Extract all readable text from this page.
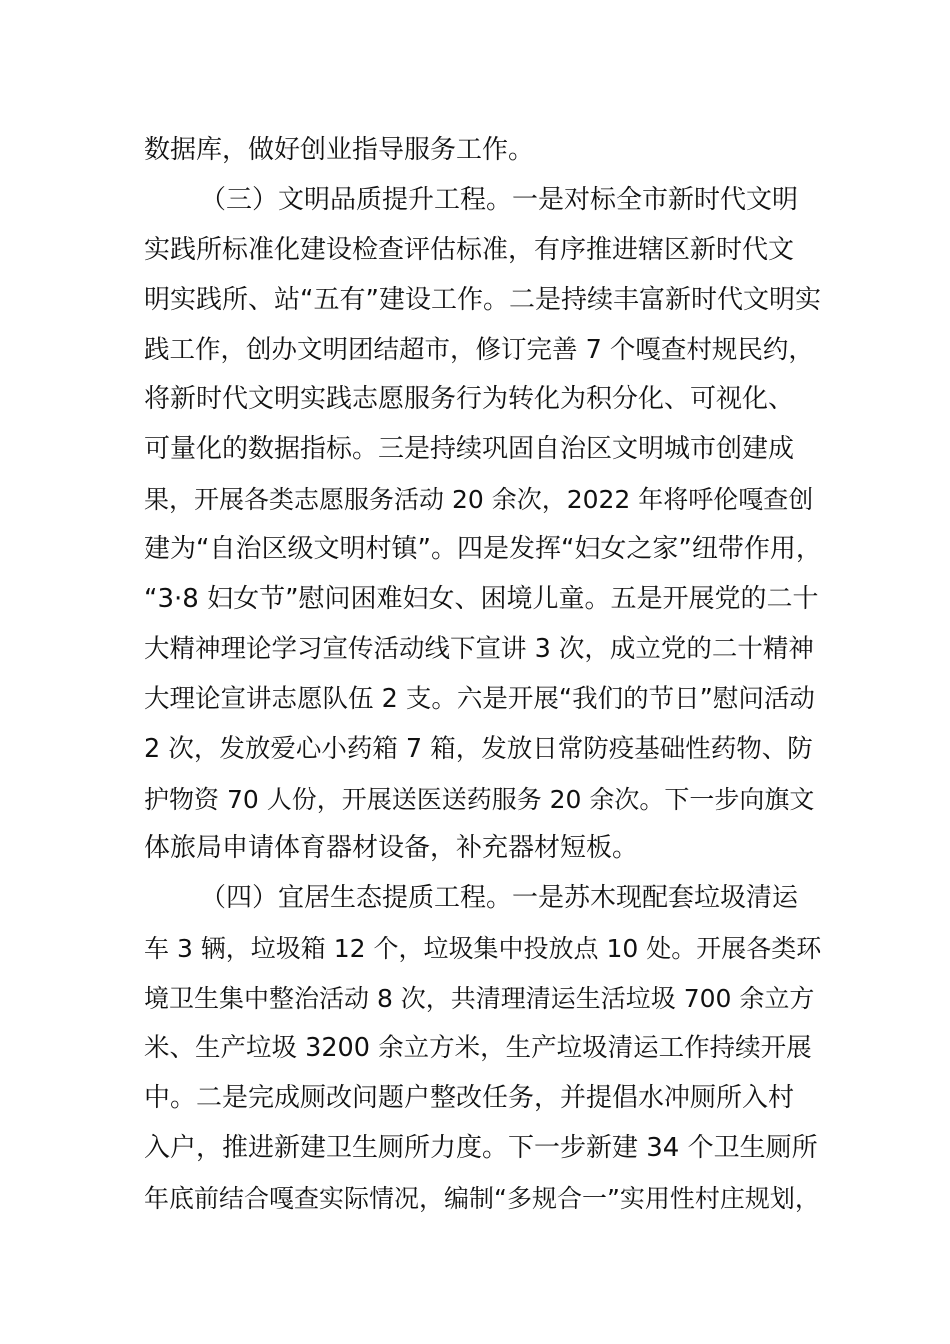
数据库，做好创业指导服务工作。
（三）文明品质提升工程。一是对标全市新时代文明
实践所标准化建设检查评估标准，有序推进辖区新时代文
明实践所、站“五有”建设工作。二是持续丰富新时代文明实
践工作，创办文明团结超市，修订完善 7 个嘎查村规民约，
将新时代文明实践志愿服务行为转化为积分化、可视化、
可量化的数据指标。三是持续巩固自治区文明城市创建成
果，开展各类志愿服务活动 20 余次，2022 年将呼伦嘎查创
建为“自治区级文明村镇”。四是发挥“妇女之家”纽带作用，
“3·8 妇女节”慰问困难妇女、困境儿童。五是开展党的二十
大精神理论学习宣传活动线下宣讲 3 次，成立党的二十精神
大理论宣讲志愿队伍 2 支。六是开展“我们的节日”慰问活动
2 次，发放爱心小药箱 7 箱，发放日常防疫基础性药物、防
护物资 70 人份，开展送医送药服务 20 余次。下一步向旗文
体旅局申请体育器材设备，补充器材短板。
（四）宜居生态提质工程。一是苏木现配套垃圾清运
车 3 辆，垃圾箱 12 个，垃圾集中投放点 10 处。开展各类环
境卫生集中整治活动 8 次，共清理清运生活垃圾 700 余立方
米、生产垃圾 3200 余立方米，生产垃圾清运工作持续开展
中。二是完成厕改问题户整改任务，并提倡水冲厕所入村
入户，推进新建卫生厕所力度。下一步新建 34 个卫生厕所
年底前结合嘎查实际情况，编制“多规合一”实用性村庄规划，
